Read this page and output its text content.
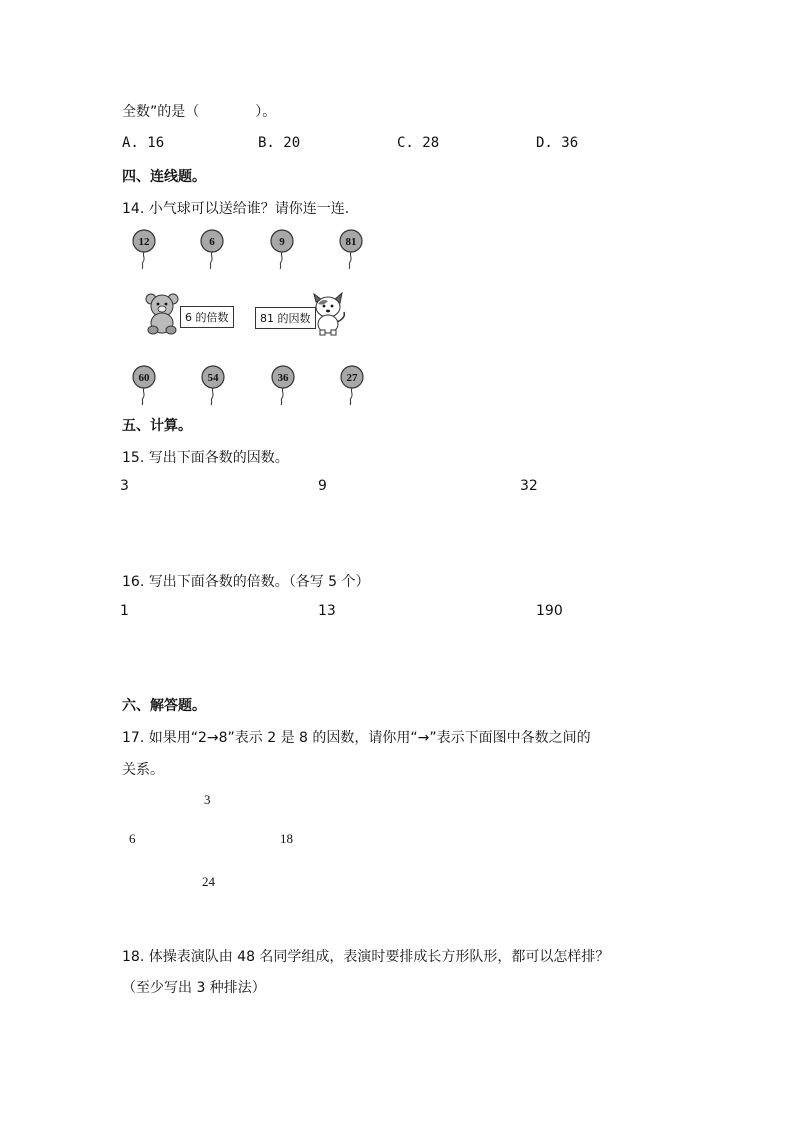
全数”的是（　　　　）。
A. 16	B. 20	C. 28	D. 36
四、连线题。
14. 小气球可以送给谁？请你连一连.
12	6	9	81
6 的倍数	81 的因数
60	54	36	27
五、计算。
15. 写出下面各数的因数。
3	9	32
16. 写出下面各数的倍数。（各写 5 个）
1	13	190
六、解答题。
17. 如果用“2→8”表示 2 是 8 的因数，请你用“→”表示下面图中各数之间的
关系。
3
6	18
24
18. 体操表演队由 48 名同学组成，表演时要排成长方形队形，都可以怎样排？
（至少写出 3 种排法）
